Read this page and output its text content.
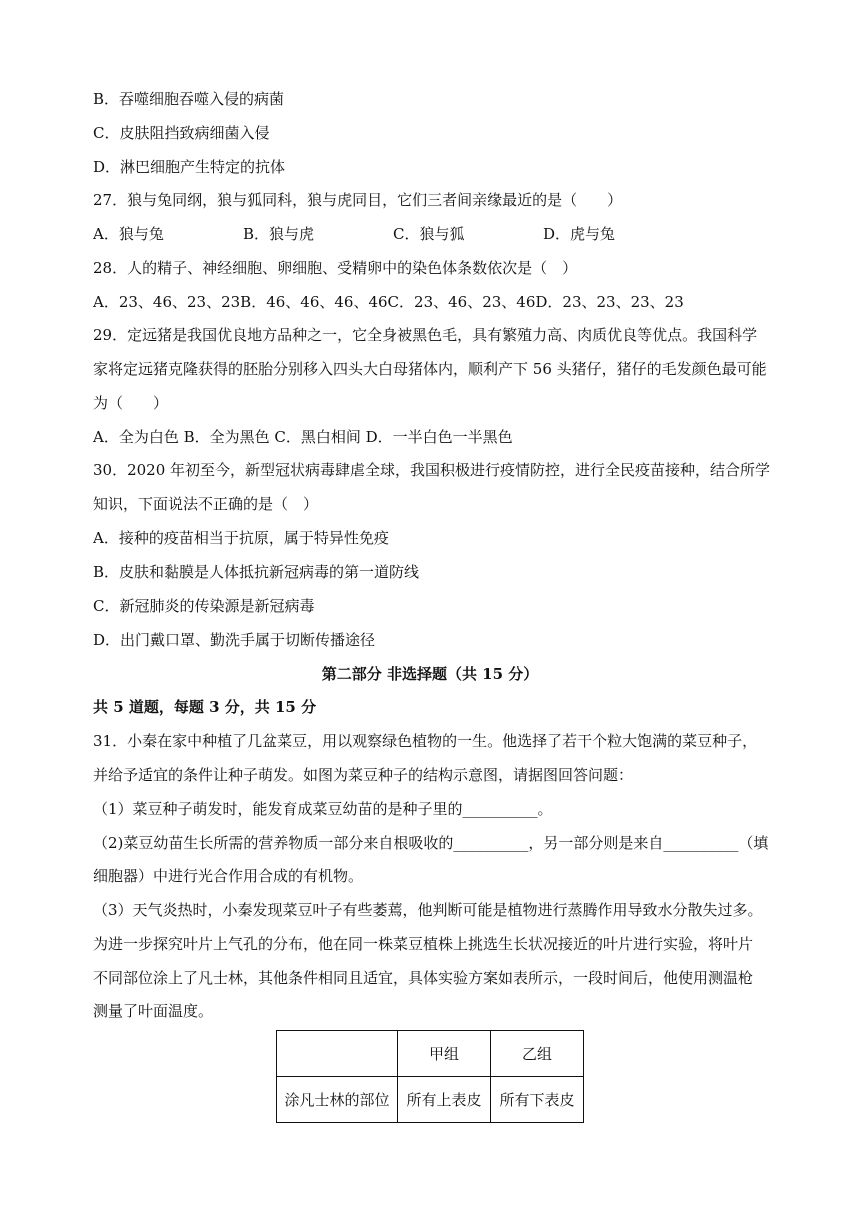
B．吞噬细胞吞噬入侵的病菌
C．皮肤阻挡致病细菌入侵
D．淋巴细胞产生特定的抗体
27．狼与兔同纲，狼与狐同科，狼与虎同目，它们三者间亲缘最近的是（　　）
A．狼与兔	B．狼与虎	C．狼与狐	D．虎与兔
28．人的精子、神经细胞、卵细胞、受精卵中的染色体条数依次是（　）
A．23、46、23、23B．46、46、46、46C．23、46、23、46D．23、23、23、23
29．定远猪是我国优良地方品种之一，它全身被黑色毛，具有繁殖力高、肉质优良等优点。我国科学
家将定远猪克隆获得的胚胎分别移入四头大白母猪体内，顺利产下 56 头猪仔，猪仔的毛发颜色最可能
为（　　）
A．全为白色 B．全为黑色 C．黑白相间 D．一半白色一半黑色
30．2020 年初至今，新型冠状病毒肆虐全球，我国积极进行疫情防控，进行全民疫苗接种，结合所学
知识，下面说法不正确的是（　）
A．接种的疫苗相当于抗原，属于特异性免疫
B．皮肤和黏膜是人体抵抗新冠病毒的第一道防线
C．新冠肺炎的传染源是新冠病毒
D．出门戴口罩、勤洗手属于切断传播途径
第二部分 非选择题（共 15 分）
共 5 道题，每题 3 分，共 15 分
31．小秦在家中种植了几盆菜豆，用以观察绿色植物的一生。他选择了若干个粒大饱满的菜豆种子，
并给予适宜的条件让种子萌发。如图为菜豆种子的结构示意图，请据图回答问题：
（1）菜豆种子萌发时，能发育成菜豆幼苗的是种子里的__________。
（2)菜豆幼苗生长所需的营养物质一部分来自根吸收的__________，另一部分则是来自__________（填
细胞器）中进行光合作用合成的有机物。
（3）天气炎热时，小秦发现菜豆叶子有些萎蔫，他判断可能是植物进行蒸腾作用导致水分散失过多。
为进一步探究叶片上气孔的分布，他在同一株菜豆植株上挑选生长状况接近的叶片进行实验，将叶片
不同部位涂上了凡士林，其他条件相同且适宜，具体实验方案如表所示，一段时间后，他使用测温枪
测量了叶面温度。
	甲组	乙组
涂凡士林的部位	所有上表皮	所有下表皮
